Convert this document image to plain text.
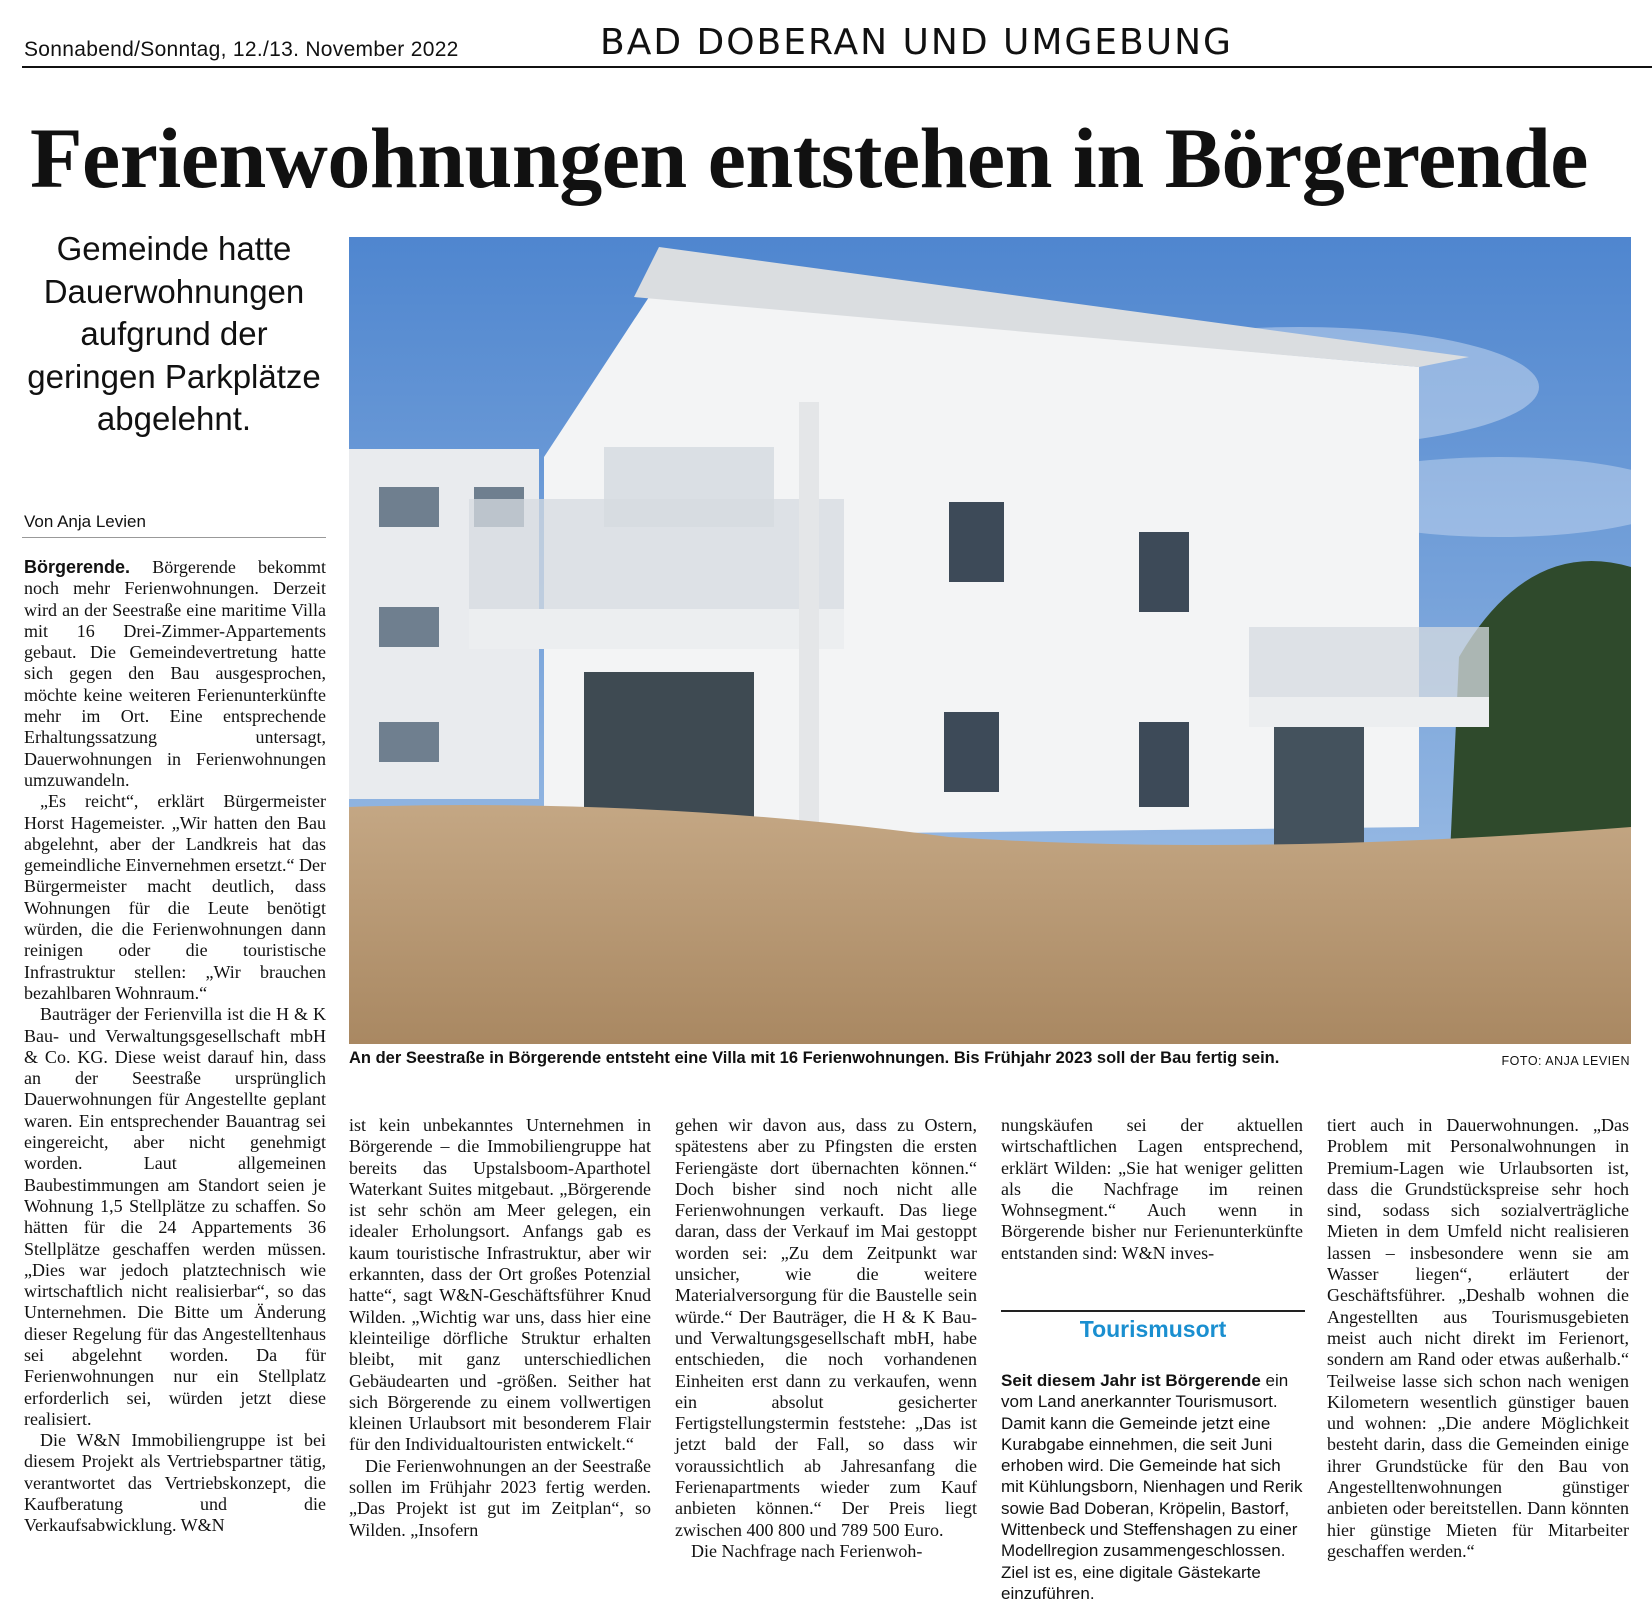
Sonnabend/Sonntag, 12./13. November 2022	BAD DOBERAN UND UMGEBUNG
Ferienwohnungen entstehen in Börgerende
Gemeinde hatte Dauerwohnungen aufgrund der geringen Parkplätze abgelehnt.
Von Anja Levien

Börgerende. Börgerende bekommt noch mehr Ferienwohnungen. Derzeit wird an der Seestraße eine maritime Villa mit 16 Drei-Zimmer-Appartements gebaut. Die Gemeindevertretung hatte sich gegen den Bau ausgesprochen, möchte keine weiteren Ferienunterkünfte mehr im Ort. Eine entsprechende Erhaltungssatzung untersagt, Dauerwohnungen in Ferienwohnungen umzuwandeln.

„Es reicht“, erklärt Bürgermeister Horst Hagemeister. „Wir hatten den Bau abgelehnt, aber der Landkreis hat das gemeindliche Einvernehmen ersetzt.“ Der Bürgermeister macht deutlich, dass Wohnungen für die Leute benötigt würden, die die Ferienwohnungen dann reinigen oder die touristische Infrastruktur stellen: „Wir brauchen bezahlbaren Wohnraum.“

Bauträger der Ferienvilla ist die H & K Bau- und Verwaltungsgesellschaft mbH & Co. KG. Diese weist darauf hin, dass an der Seestraße ursprünglich Dauerwohnungen für Angestellte geplant waren. Ein entsprechender Bauantrag sei eingereicht, aber nicht genehmigt worden. Laut allgemeinen Baubestimmungen am Standort seien je Wohnung 1,5 Stellplätze zu schaffen. So hätten für die 24 Appartements 36 Stellplätze geschaffen werden müssen. „Dies war jedoch platztechnisch wie wirtschaftlich nicht realisierbar“, so das Unternehmen. Die Bitte um Änderung dieser Regelung für das Angestelltenhaus sei abgelehnt worden. Da für Ferienwohnungen nur ein Stellplatz erforderlich sei, würden jetzt diese realisiert.

Die W&N Immobiliengruppe ist bei diesem Projekt als Vertriebspartner tätig, verantwortet das Vertriebskonzept, die Kaufberatung und die Verkaufsabwicklung. W&N

An der Seestraße in Börgerende entsteht eine Villa mit 16 Ferienwohnungen. Bis Frühjahr 2023 soll der Bau fertig sein.	FOTO: ANJA LEVIEN

ist kein unbekanntes Unternehmen in Börgerende – die Immobiliengruppe hat bereits das Upstalsboom-Aparthotel Waterkant Suites mitgebaut. „Börgerende ist sehr schön am Meer gelegen, ein idealer Erholungsort. Anfangs gab es kaum touristische Infrastruktur, aber wir erkannten, dass der Ort großes Potenzial hatte“, sagt W&N-Geschäftsführer Knud Wilden. „Wichtig war uns, dass hier eine kleinteilige dörfliche Struktur erhalten bleibt, mit ganz unterschiedlichen Gebäudearten und -größen. Seither hat sich Börgerende zu einem vollwertigen kleinen Urlaubsort mit besonderem Flair für den Individualtouristen entwickelt.“

Die Ferienwohnungen an der Seestraße sollen im Frühjahr 2023 fertig werden. „Das Projekt ist gut im Zeitplan“, so Wilden. „Insofern

gehen wir davon aus, dass zu Ostern, spätestens aber zu Pfingsten die ersten Feriengäste dort übernachten können.“ Doch bisher sind noch nicht alle Ferienwohnungen verkauft. Das liege daran, dass der Verkauf im Mai gestoppt worden sei: „Zu dem Zeitpunkt war unsicher, wie die weitere Materialversorgung für die Baustelle sein würde.“ Der Bauträger, die H & K Bau- und Verwaltungsgesellschaft mbH, habe entschieden, die noch vorhandenen Einheiten erst dann zu verkaufen, wenn ein absolut gesicherter Fertigstellungstermin feststehe: „Das ist jetzt bald der Fall, so dass wir voraussichtlich ab Jahresanfang die Ferienapartments wieder zum Kauf anbieten können.“ Der Preis liegt zwischen 400 800 und 789 500 Euro.

Die Nachfrage nach Ferienwoh-

nungskäufen sei der aktuellen wirtschaftlichen Lagen entsprechend, erklärt Wilden: „Sie hat weniger gelitten als die Nachfrage im reinen Wohnsegment.“ Auch wenn in Börgerende bisher nur Ferienunterkünfte entstanden sind: W&N inves-

Tourismusort

Seit diesem Jahr ist Börgerende ein vom Land anerkannter Tourismusort. Damit kann die Gemeinde jetzt eine Kurabgabe einnehmen, die seit Juni erhoben wird. Die Gemeinde hat sich mit Kühlungsborn, Nienhagen und Rerik sowie Bad Doberan, Kröpelin, Bastorf, Wittenbeck und Steffenshagen zu einer Modellregion zusammengeschlossen. Ziel ist es, eine digitale Gästekarte einzuführen.

tiert auch in Dauerwohnungen. „Das Problem mit Personalwohnungen in Premium-Lagen wie Urlaubsorten ist, dass die Grundstückspreise sehr hoch sind, sodass sich sozialverträgliche Mieten in dem Umfeld nicht realisieren lassen – insbesondere wenn sie am Wasser liegen“, erläutert der Geschäftsführer. „Deshalb wohnen die Angestellten aus Tourismusgebieten meist auch nicht direkt im Ferienort, sondern am Rand oder etwas außerhalb.“ Teilweise lasse sich schon nach wenigen Kilometern wesentlich günstiger bauen und wohnen: „Die andere Möglichkeit besteht darin, dass die Gemeinden einige ihrer Grundstücke für den Bau von Angestelltenwohnungen günstiger anbieten oder bereitstellen. Dann könnten hier günstige Mieten für Mitarbeiter geschaffen werden.“
